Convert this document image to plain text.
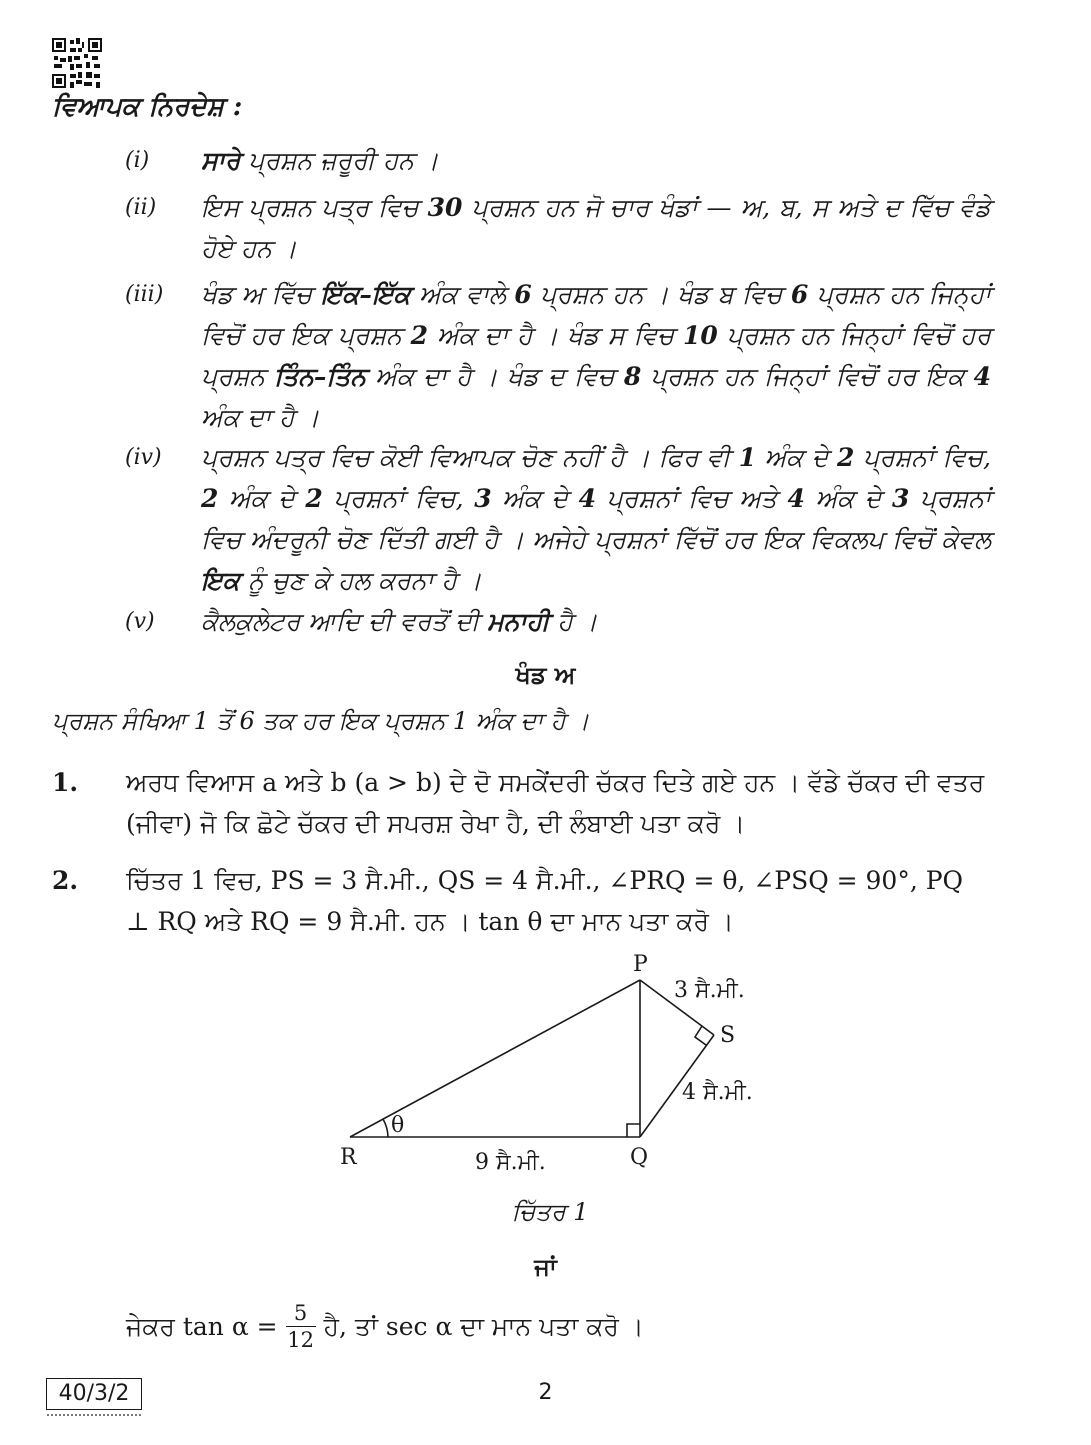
ਵਿਆਪਕ ਨਿਰਦੇਸ਼ :
(i) ਸਾਰੇ ਪ੍ਰਸ਼ਨ ਜ਼ਰੂਰੀ ਹਨ ।
(ii) ਇਸ ਪ੍ਰਸ਼ਨ ਪਤ੍ਰ ਵਿਚ 30 ਪ੍ਰਸ਼ਨ ਹਨ ਜੋ ਚਾਰ ਖੰਡਾਂ — ਅ, ਬ, ਸ ਅਤੇ ਦ ਵਿੱਚ ਵੰਡੇ ਹੋਏ ਹਨ ।
(iii) ਖੰਡ ਅ ਵਿੱਚ ਇੱਕ–ਇੱਕ ਅੰਕ ਵਾਲੇ 6 ਪ੍ਰਸ਼ਨ ਹਨ । ਖੰਡ ਬ ਵਿਚ 6 ਪ੍ਰਸ਼ਨ ਹਨ ਜਿਨ੍ਹਾਂ ਵਿਚੋਂ ਹਰ ਇਕ ਪ੍ਰਸ਼ਨ 2 ਅੰਕ ਦਾ ਹੈ । ਖੰਡ ਸ ਵਿਚ 10 ਪ੍ਰਸ਼ਨ ਹਨ ਜਿਨ੍ਹਾਂ ਵਿਚੋਂ ਹਰ ਪ੍ਰਸ਼ਨ ਤਿੰਨ–ਤਿੰਨ ਅੰਕ ਦਾ ਹੈ । ਖੰਡ ਦ ਵਿਚ 8 ਪ੍ਰਸ਼ਨ ਹਨ ਜਿਨ੍ਹਾਂ ਵਿਚੋਂ ਹਰ ਇਕ 4 ਅੰਕ ਦਾ ਹੈ ।
(iv) ਪ੍ਰਸ਼ਨ ਪਤ੍ਰ ਵਿਚ ਕੋਈ ਵਿਆਪਕ ਚੋਣ ਨਹੀਂ ਹੈ । ਫਿਰ ਵੀ 1 ਅੰਕ ਦੇ 2 ਪ੍ਰਸ਼ਨਾਂ ਵਿਚ, 2 ਅੰਕ ਦੇ 2 ਪ੍ਰਸ਼ਨਾਂ ਵਿਚ, 3 ਅੰਕ ਦੇ 4 ਪ੍ਰਸ਼ਨਾਂ ਵਿਚ ਅਤੇ 4 ਅੰਕ ਦੇ 3 ਪ੍ਰਸ਼ਨਾਂ ਵਿਚ ਅੰਦਰੂਨੀ ਚੋਣ ਦਿੱਤੀ ਗਈ ਹੈ । ਅਜੇਹੇ ਪ੍ਰਸ਼ਨਾਂ ਵਿੱਚੋਂ ਹਰ ਇਕ ਵਿਕਲਪ ਵਿਚੋਂ ਕੇਵਲ ਇਕ ਨੂੰ ਚੁਣ ਕੇ ਹਲ ਕਰਨਾ ਹੈ ।
(v) ਕੈਲਕੁਲੇਟਰ ਆਦਿ ਦੀ ਵਰਤੋਂ ਦੀ ਮਨਾਹੀ ਹੈ ।
ਖੰਡ ਅ
ਪ੍ਰਸ਼ਨ ਸੰਖਿਆ 1 ਤੋਂ 6 ਤਕ ਹਰ ਇਕ ਪ੍ਰਸ਼ਨ 1 ਅੰਕ ਦਾ ਹੈ ।
1. ਅਰਧ ਵਿਆਸ a ਅਤੇ b (a > b) ਦੇ ਦੋ ਸਮਕੇਂਦਰੀ ਚੱਕਰ ਦਿਤੇ ਗਏ ਹਨ । ਵੱਡੇ ਚੱਕਰ ਦੀ ਵਤਰ (ਜੀਵਾ) ਜੋ ਕਿ ਛੋਟੇ ਚੱਕਰ ਦੀ ਸਪਰਸ਼ ਰੇਖਾ ਹੈ, ਦੀ ਲੰਬਾਈ ਪਤਾ ਕਰੋ ।
2. ਚਿੱਤਰ 1 ਵਿਚ, PS = 3 ਸੈ.ਮੀ., QS = 4 ਸੈ.ਮੀ., ∠PRQ = θ, ∠PSQ = 90°, PQ ⊥ RQ ਅਤੇ RQ = 9 ਸੈ.ਮੀ. ਹਨ । tan θ ਦਾ ਮਾਨ ਪਤਾ ਕਰੋ ।
P
Q
R
S
θ
3 ਸੈ.ਮੀ.
4 ਸੈ.ਮੀ.
9 ਸੈ.ਮੀ.
ਚਿੱਤਰ 1
ਜਾਂ
ਜੇਕਰ $\tan \alpha = \frac{5}{12}$ ਹੈ, ਤਾਂ sec α ਦਾ ਮਾਨ ਪਤਾ ਕਰੋ ।
40/3/2	2
